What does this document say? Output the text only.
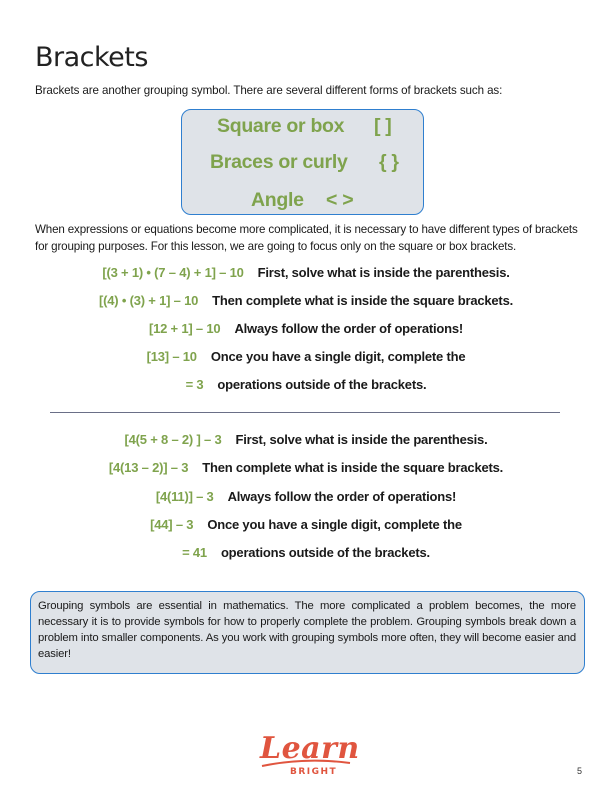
Brackets
Brackets are another grouping symbol. There are several different forms of brackets such as:
Square or box [ ]
Braces or curly { }
Angle < >
When expressions or equations become more complicated, it is necessary to have different types of brackets for grouping purposes. For this lesson, we are going to focus only on the square or box brackets.
[(3 + 1) • (7 – 4) + 1] – 10 First, solve what is inside the parenthesis.
[(4) • (3) + 1] – 10 Then complete what is inside the square brackets.
[12 + 1] – 10 Always follow the order of operations!
[13] – 10 Once you have a single digit, complete the
= 3 operations outside of the brackets.
[4(5 + 8 – 2) ] – 3 First, solve what is inside the parenthesis.
[4(13 – 2)] – 3 Then complete what is inside the square brackets.
[4(11)] – 3 Always follow the order of operations!
[44] – 3 Once you have a single digit, complete the
= 41 operations outside of the brackets.
Grouping symbols are essential in mathematics. The more complicated a problem becomes, the more necessary it is to provide symbols for how to properly complete the problem. Grouping symbols break down a problem into smaller components. As you work with grouping symbols more often, they will become easier and easier!
Learn
BRIGHT	5
